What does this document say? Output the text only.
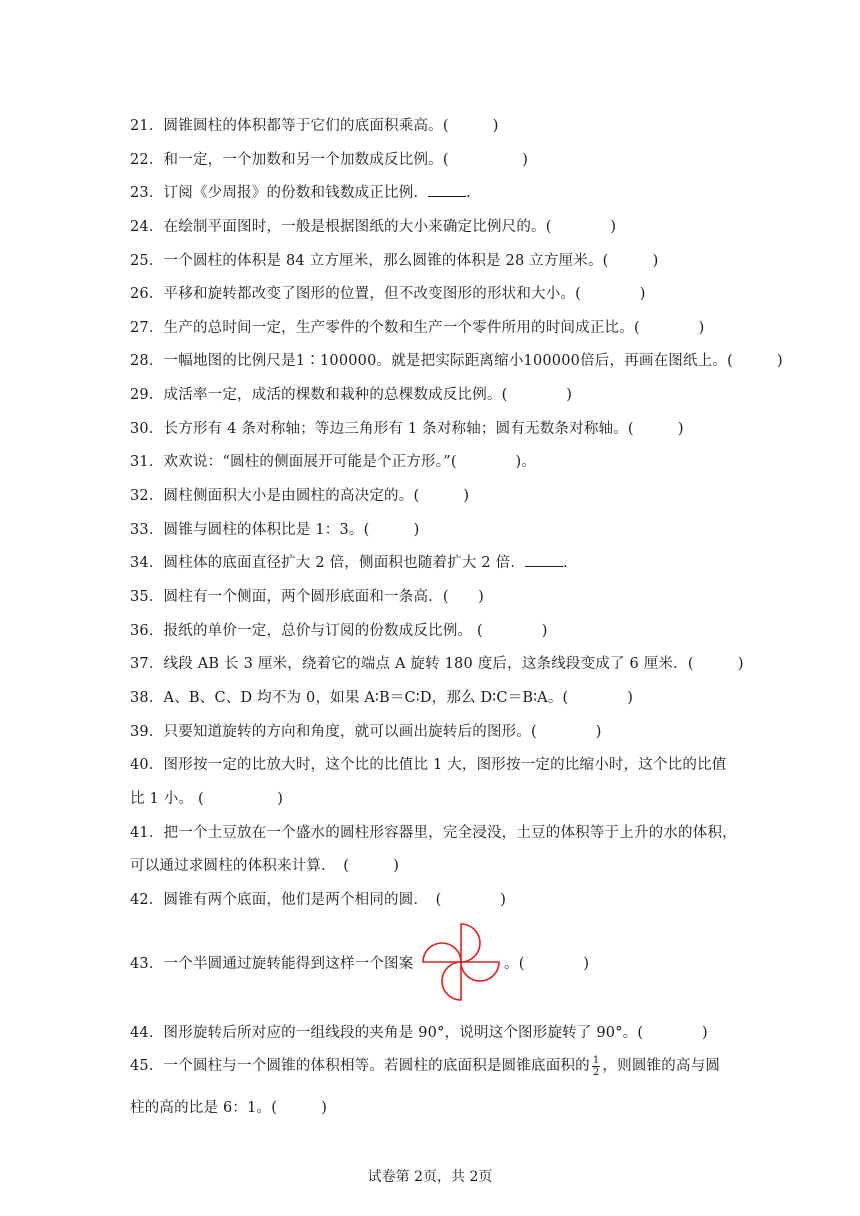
21．圆锥圆柱的体积都等于它们的底面积乘高。(　　　)
22．和一定，一个加数和另一个加数成反比例。(　　　　　)
23．订阅《少周报》的份数和钱数成正比例．	.
24．在绘制平面图时，一般是根据图纸的大小来确定比例尺的。(　　　　)
25．一个圆柱的体积是 84 立方厘米，那么圆锥的体积是 28 立方厘米。(　　　)
26．平移和旋转都改变了图形的位置，但不改变图形的形状和大小。(　　　　)
27．生产的总时间一定，生产零件的个数和生产一个零件所用的时间成正比。(　　　　)
28．一幅地图的比例尺是1∶100000。就是把实际距离缩小100000倍后，再画在图纸上。(　　　)
29．成活率一定，成活的棵数和栽种的总棵数成反比例。(　　　　)
30．长方形有 4 条对称轴；等边三角形有 1 条对称轴；圆有无数条对称轴。(　　　)
31．欢欢说：“圆柱的侧面展开可能是个正方形。”(　　　　)。
32．圆柱侧面积大小是由圆柱的高决定的。(　　　)
33．圆锥与圆柱的体积比是 1：3。(　　　)
34．圆柱体的底面直径扩大 2 倍，侧面积也随着扩大 2 倍．	.
35．圆柱有一个侧面，两个圆形底面和一条高．(　　)
36．报纸的单价一定，总价与订阅的份数成反比例。 (　　　　)
37．线段 AB 长 3 厘米，绕着它的端点 A 旋转 180 度后，这条线段变成了 6 厘米．(　　　)
38．A、B、C、D 均不为 0，如果 A∶B＝C∶D，那么 D∶C＝B∶A。(　　　　)
39．只要知道旋转的方向和角度，就可以画出旋转后的图形。(　　　　)
40．图形按一定的比放大时，这个比的比值比 1 大，图形按一定的比缩小时，这个比的比值
比 1 小。 (　　　　　)
41．把一个土豆放在一个盛水的圆柱形容器里，完全浸没，土豆的体积等于上升的水的体积，
可以通过求圆柱的体积来计算．　(　　　)
42．圆锥有两个底面，他们是两个相同的圆．　(　　　　)
43．一个半圆通过旋转能得到这样一个图案	。(　　　　)
44．图形旋转后所对应的一组线段的夹角是 90°，说明这个图形旋转了 90°。(　　　　)
45．一个圆柱与一个圆锥的体积相等。若圆柱的底面积是圆锥底面积的 $\frac{1}{2}$ ，则圆锥的高与圆
柱的高的比是 6：1。(　　　)
试卷第 2页，共 2页
